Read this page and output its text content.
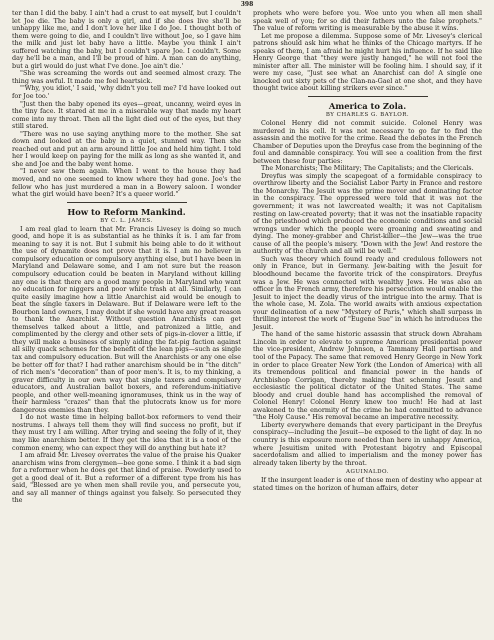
398

ter than I did the baby. I ain't had a crust to eat myself, but I couldn't let Joe die. The baby is only a girl, and if she does live she'll be unhappy like me, and I don't love her like I do Joe. I thought both of them were going to die, and I couldn't live without Joe, so I gave him the milk and just let baby have a little. Maybe you think I ain't suffered watching the baby, but I couldn't spare Joe. I couldn't. Some day he'll be a man, and I'll be proud of him. A man can do anything, but a girl would do just what I've done. Joe ain't die.'

"She was screaming the words out and seemed almost crazy. The thing was awful. It made me feel heartsick.

"'Why, you idiot,' I said, 'why didn't you tell me? I'd have looked out for Joe too.'

"Just then the baby opened its eyes—great, uncanny, weird eyes in the tiny face. It stared at me in a miserable way that made my heart come into my throat. Then all the light died out of the eyes, but they still stared.

"There was no use saying anything more to the mother. She sat down and looked at the baby in a quiet, stunned way. Then she reached out and put an arm around little Joe and held him tight. I told her I would keep on paying for the milk as long as she wanted it, and she and Joe and the baby went home.

"I never saw them again. When I went to the house they had moved, and no one seemed to know where they had gone. Joe's the fellow who has just murdered a man in a Bowery saloon. I wonder what the girl would have been? It's a queer world."

How to Reform Mankind.
BY C. L. JAMES.

I am real glad to learn that Mr. Francis Livesey is doing so much good, and hope it is as substantial as he thinks it is. I am far from meaning to say it is not. But I submit his being able to do it without the use of dynamite does not prove that it is. I am no believer in compulsory education or compulsory anything else, but I have been in Maryland and Delaware some, and I am not sure but the reason compulsory education could be beaten in Maryland without killing any one is that there are a good many people in Maryland who want no education for niggers and poor white trash at all. Similarly, I can quite easily imagine how a little Anarchist aid would be enough to beat the single taxers in Delaware. But if Delaware were left to the Bourbon land owners, I may doubt if she would have any great reason to thank the Anarchist. Without question Anarchists can get themselves talked about a little, and patronized a little, and complimented by the clergy and other sets of pigs-in-clover a little, if they will make a business of simply aiding the fat-pig faction against all silly quack schemes for the benefit of the lean pigs—such as single tax and compulsory education. But will the Anarchists or any one else be better off for that? I had rather anarchism should be in "the ditch" of rich men's "decoration" than of poor men's. It is, to my thinking, a graver difficulty in our own way that single taxers and compulsory educators, and Australian ballot boxers, and referendum-initiative people, and other well-meaning ignoramuses, think us in the way of their harmless "crazes" than that the plutocrats know us for more dangerous enemies than they.

I do not waste time in helping ballot-box reformers to vend their nostrums. I always tell them they will find success no profit, but if they must try I am willing. After trying and seeing the folly of it, they may like anarchism better. If they get the idea that it is a tool of the common enemy, who can expect they will do anything but hate it?

I am afraid Mr. Livesey overrates the value of the praise his Quaker anarchism wins from clergymen—bee gone some. I think it a bad sign for a reformer when he does get that kind of praise. Powderly used to get a good deal of it. But a reformer of a different type from his has said, "Blessed are ye when men shall revile you, and persecute you, and say all manner of things against you falsely. So persecuted they the

prophets who were before you. Woe unto you when all men shall speak well of you; for so did their fathers unto the false prophets." The value of reform writing is measurable by the abuse it wins.

Let me propose a dilemma. Suppose some of Mr. Livesey's clerical patrons should ask him what he thinks of the Chicago martyrs. If he speaks of them, I am afraid he might hurt his influence. If he said like Henry George that "they were justly hanged," he will not fool the minister after all. The minister will be fooling him. I should say, if it were my case, "Just see what an Anarchist can do! A single one knocked out sixty pets of the Clan-na-Gael at one shot, and they have thought twice about killing strikers ever since."

America to Zola.
BY CHARLES G. BAYLOR.

Colonel Henry did not commit suicide. Colonel Henry was murdered in his cell. It was not necessary to go far to find the assassin and the motive for the crime. Read the debates in the French Chamber of Deputies upon the Dreyfus case from the beginning of the foul and damnable conspiracy. You will see a coalition from the first between these four parties:

The Monarchists; The Military; The Capitalists; and the Clericals.

Dreyfus was simply the scapegoat of a formidable conspiracy to overthrow liberty and the Socialist Labor Party in France and restore the Monarchy. The Jesuit was the prime mover and dominating factor in the conspiracy. The oppressed were told that it was not the government; it was not lawcreated wealth; it was not Capitalism resting on law-created poverty; that it was not the insatiable rapacity of the priesthood which produced the economic conditions and social wrongs under which the people were groaning and sweating and dying. The money-grabber and Christ-killer—the Jew—was the true cause of all the people's misery. "Down with the Jew! And restore the authority of the church and all will be well."

Such was theory which found ready and credulous followers not only in France, but in Germany. Jew-baiting with the Jesuit for bloodhound became the favorite trick of the conspirators. Dreyfus was a Jew. He was connected with wealthy Jews. He was also an officer in the French army, therefore his persecution would enable the Jesuit to inject the deadly virus of the intrigue into the army. That is the whole case, M. Zola. The world awaits with anxious expectation your delineation of a new "Mystery of Paris," which shall surpass in thrilling interest the work of "Eugene Sue" in which he introduces the Jesuit.

The hand of the same historic assassin that struck down Abraham Lincoln in order to elevate to supreme American presidential power the vice-president, Andrew Johnson, a Tammany Hall partisan and tool of the Papacy. The same that removed Henry George in New York in order to place Greater New York (the London of America) with all its tremendous political and financial power in the hands of Archbishop Corrigan, thereby making that scheming Jesuit and ecclesiastic the political dictator of the United States. The same bloody and cruel double hand has accomplished the removal of Colonel Henry! Colonel Henry knew too much! He had at last awakened to the enormity of the crime he had committed to advance "the Holy Cause." His removal became an imperative necessity.

Liberty everywhere demands that every participant in the Dreyfus conspiracy—including the Jesuit—be exposed to the light of day. In no country is this exposure more needed than here in unhappy America, where Jesuitism united with Protestant bigotry and Episcopal sacerdotalism and allied to imperialism and the money power has already taken liberty by the throat.

AGUINALDO.

If the insurgent leader is one of those men of destiny who appear at stated times on the horizon of human affairs, deter
